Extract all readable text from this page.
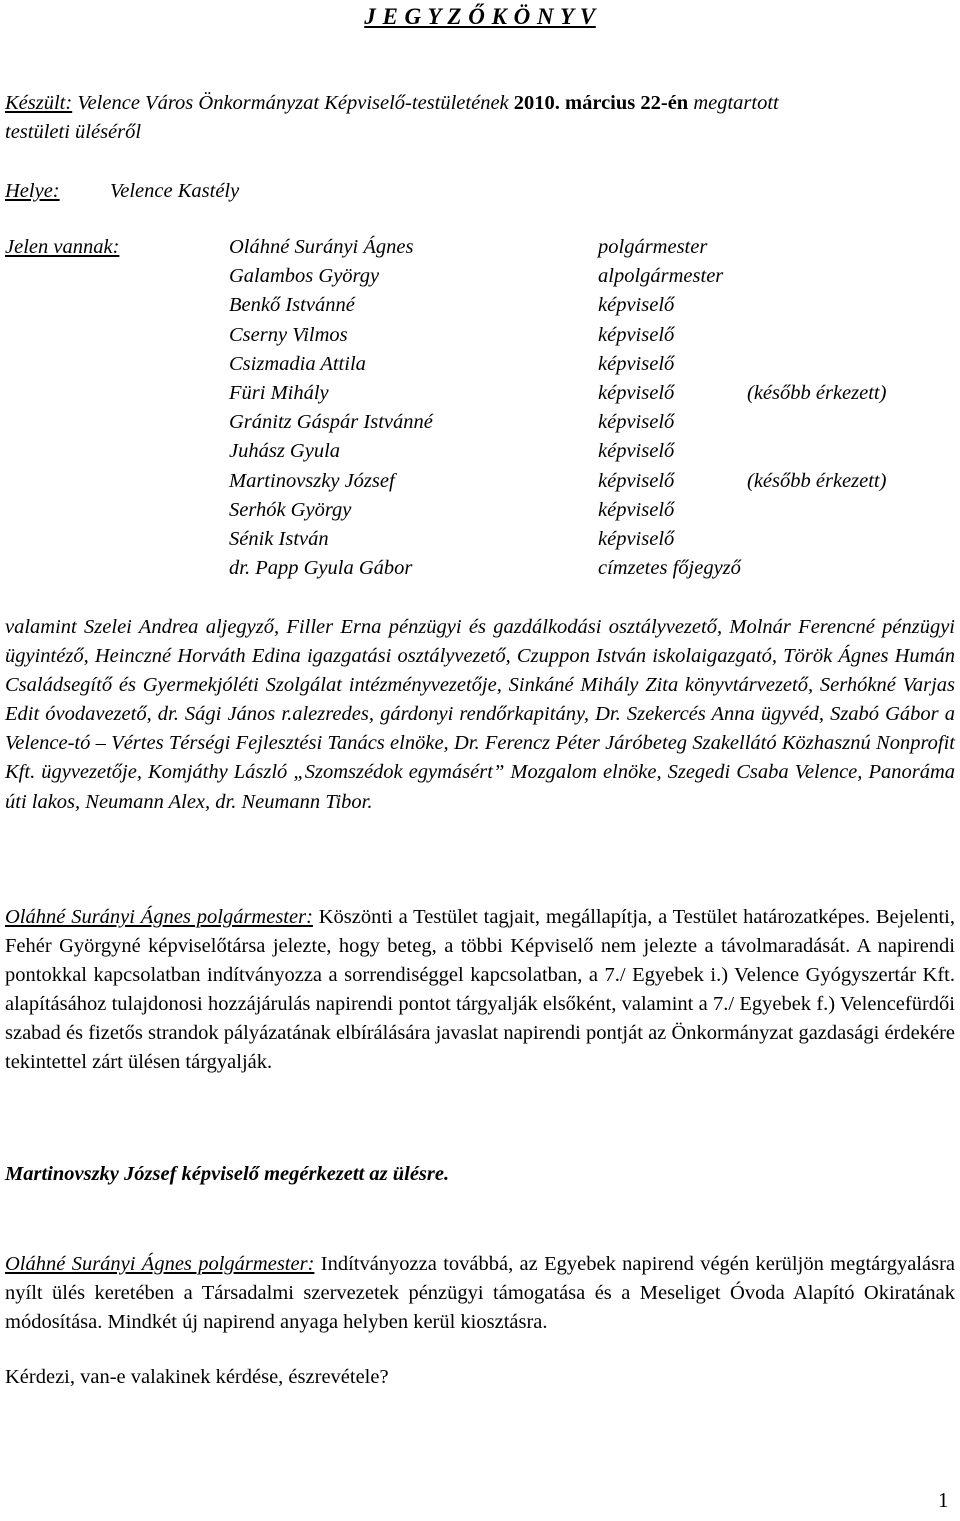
J E G Y Z Ő K Ö N Y V
Készült: Velence Város Önkormányzat Képviselő-testületének 2010. március 22-én megtartott
testületi üléséről
Helye: Velence Kastély
Jelen vannak:	Oláhné Surányi Ágnes	polgármester
Galambos György	alpolgármester
Benkő Istvánné	képviselő
Cserny Vilmos	képviselő
Csizmadia Attila	képviselő
Füri Mihály	képviselő	(később érkezett)
Gránitz Gáspár Istvánné	képviselő
Juhász Gyula	képviselő
Martinovszky József	képviselő	(később érkezett)
Serhók György	képviselő
Sénik István	képviselő
dr. Papp Gyula Gábor	címzetes főjegyző
valamint Szelei Andrea aljegyző, Filler Erna pénzügyi és gazdálkodási osztályvezető, Molnár Ferencné pénzügyi ügyintéző, Heinczné Horváth Edina igazgatási osztályvezető, Czuppon István iskolaigazgató, Török Ágnes Humán Családsegítő és Gyermekjóléti Szolgálat intézményvezetője, Sinkáné Mihály Zita könyvtárvezető, Serhókné Varjas Edit óvodavezető, dr. Sági János r.alezredes, gárdonyi rendőrkapitány, Dr. Szekercés Anna ügyvéd, Szabó Gábor a Velence-tó – Vértes Térségi Fejlesztési Tanács elnöke, Dr. Ferencz Péter Járóbeteg Szakellátó Közhasznú Nonprofit Kft. ügyvezetője, Komjáthy László „Szomszédok egymásért” Mozgalom elnöke, Szegedi Csaba Velence, Panoráma úti lakos, Neumann Alex, dr. Neumann Tibor.
Oláhné Surányi Ágnes polgármester: Köszönti a Testület tagjait, megállapítja, a Testület határozatképes. Bejelenti, Fehér Györgyné képviselőtársa jelezte, hogy beteg, a többi Képviselő nem jelezte a távolmaradását. A napirendi pontokkal kapcsolatban indítványozza a sorrendiséggel kapcsolatban, a 7./ Egyebek i.) Velence Gyógyszertár Kft. alapításához tulajdonosi hozzájárulás napirendi pontot tárgyalják elsőként, valamint a 7./ Egyebek f.) Velencefürdői szabad és fizetős strandok pályázatának elbírálására javaslat napirendi pontját az Önkormányzat gazdasági érdekére tekintettel zárt ülésen tárgyalják.
Martinovszky József képviselő megérkezett az ülésre.
Oláhné Surányi Ágnes polgármester: Indítványozza továbbá, az Egyebek napirend végén kerüljön megtárgyalásra nyílt ülés keretében a Társadalmi szervezetek pénzügyi támogatása és a Meseliget Óvoda Alapító Okiratának módosítása. Mindkét új napirend anyaga helyben kerül kiosztásra.
Kérdezi, van-e valakinek kérdése, észrevétele?
1
